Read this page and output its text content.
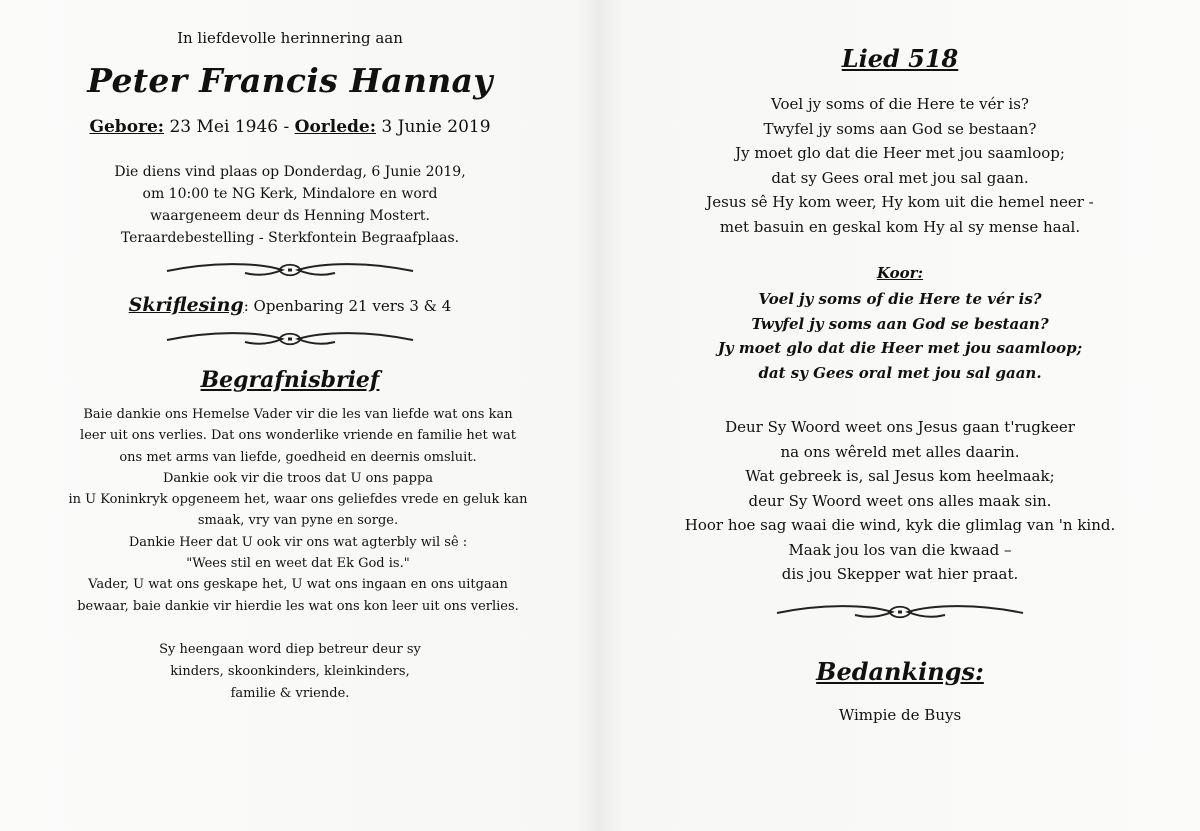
In liefdevolle herinnering aan

Peter Francis Hannay

Gebore: 23 Mei 1946 - Oorlede: 3 Junie 2019

Die diens vind plaas op Donderdag, 6 Junie 2019,
om 10:00 te NG Kerk, Mindalore en word
waargeneem deur ds Henning Mostert.
Teraardebestelling - Sterkfontein Begraafplaas.

Skriflesing: Openbaring 21 vers 3 & 4

Begrafnisbrief
Baie dankie ons Hemelse Vader vir die les van liefde wat ons kan
leer uit ons verlies. Dat ons wonderlike vriende en familie het wat
ons met arms van liefde, goedheid en deernis omsluit.
Dankie ook vir die troos dat U ons pappa
in U Koninkryk opgeneem het, waar ons geliefdes vrede en geluk kan
smaak, vry van pyne en sorge.
Dankie Heer dat U ook vir ons wat agterbly wil sê :
"Wees stil en weet dat Ek God is."
Vader, U wat ons geskape het, U wat ons ingaan en ons uitgaan
bewaar, baie dankie vir hierdie les wat ons kon leer uit ons verlies.
Sy heengaan word diep betreur deur sy
kinders, skoonkinders, kleinkinders,
familie & vriende.
Lied 518
Voel jy soms of die Here te vér is?
Twyfel jy soms aan God se bestaan?
Jy moet glo dat die Heer met jou saamloop;
dat sy Gees oral met jou sal gaan.
Jesus sê Hy kom weer, Hy kom uit die hemel neer -
met basuin en geskal kom Hy al sy mense haal.

Koor:

Voel jy soms of die Here te vér is?
Twyfel jy soms aan God se bestaan?
Jy moet glo dat die Heer met jou saamloop;
dat sy Gees oral met jou sal gaan.
Deur Sy Woord weet ons Jesus gaan t'rugkeer
na ons wêreld met alles daarin.
Wat gebreek is, sal Jesus kom heelmaak;
deur Sy Woord weet ons alles maak sin.
Hoor hoe sag waai die wind, kyk die glimlag van 'n kind.
Maak jou los van die kwaad –
dis jou Skepper wat hier praat.
Bedankings:

Wimpie de Buys
